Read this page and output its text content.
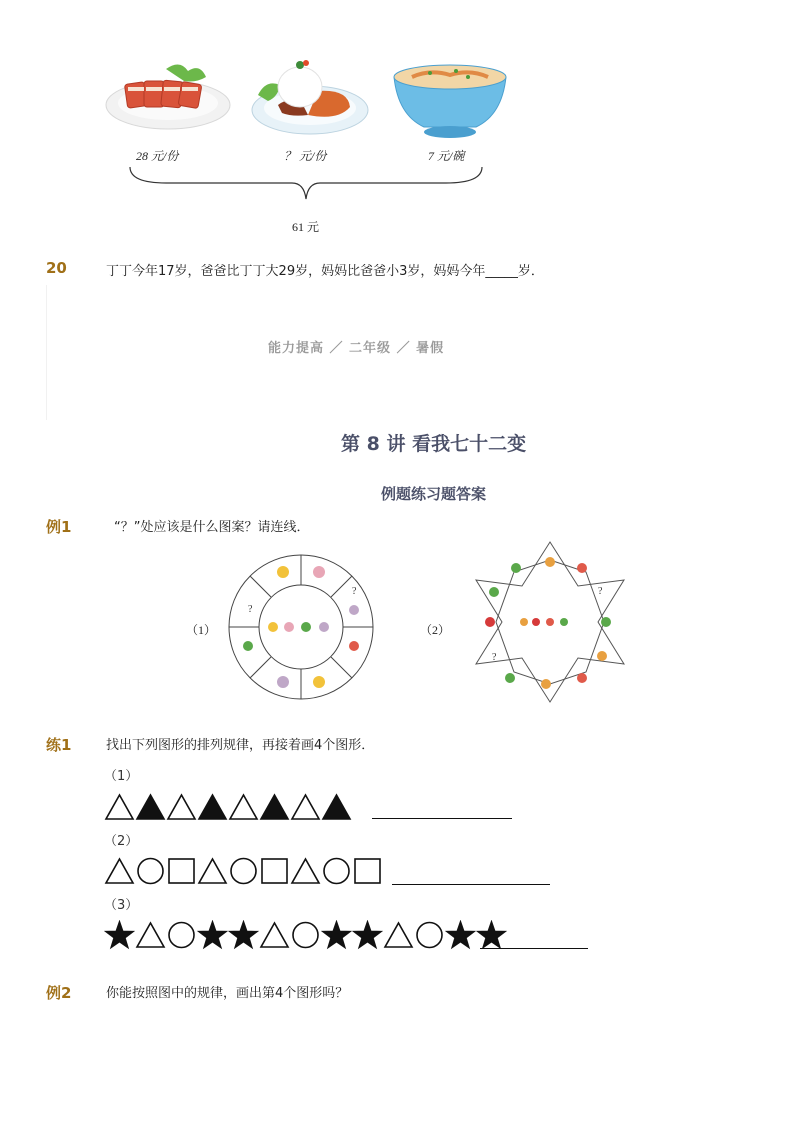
28 元/份	？ 元/份	7 元/碗
61 元
20	丁丁今年17岁，爸爸比丁丁大29岁，妈妈比爸爸小3岁，妈妈今年_____岁．
能力提高 ／ 二年级 ／ 暑假
第 8 讲 看我七十二变
例题练习题答案
例1	“？”处应该是什么图案？请连线．
（1）	（2）
?
?	?
?
练1	找出下列图形的排列规律，再接着画4个图形．
（1）
（2）
（3）
例2	你能按照图中的规律，画出第4个图形吗？
